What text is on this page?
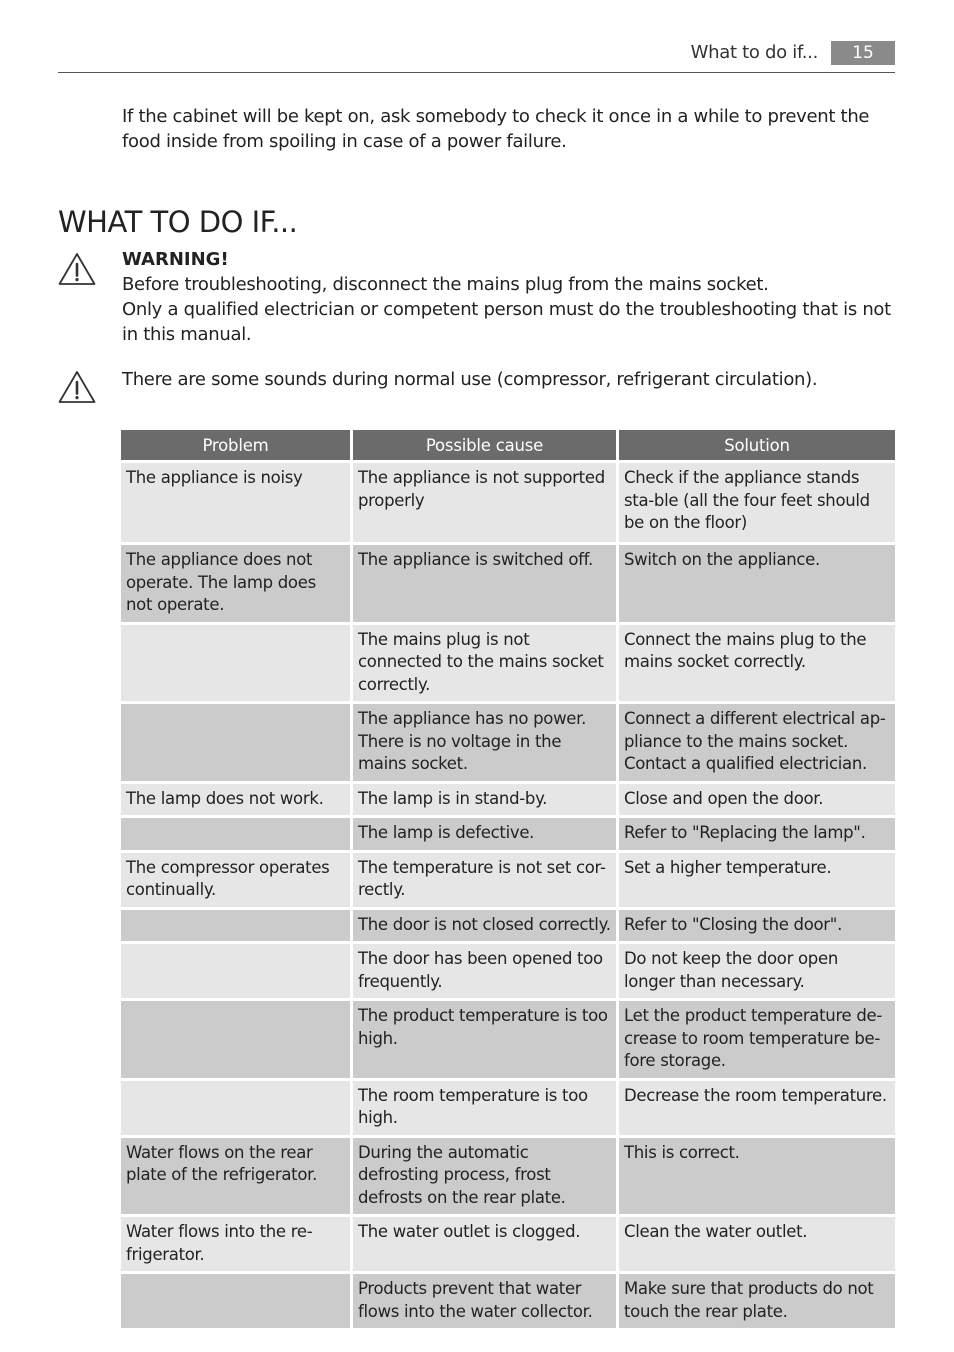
What to do if...	15
If the cabinet will be kept on, ask somebody to check it once in a while to prevent the food inside from spoiling in case of a power failure.
WHAT TO DO IF...
WARNING!
Before troubleshooting, disconnect the mains plug from the mains socket.
Only a qualified electrician or competent person must do the troubleshooting that is not in this manual.
There are some sounds during normal use (compressor, refrigerant circulation).
Problem	Possible cause	Solution
The appliance is noisy	The appliance is not supported properly	Check if the appliance stands sta-ble (all the four feet should be on the floor)
The appliance does not operate. The lamp does not operate.	The appliance is switched off.	Switch on the appliance.
	The mains plug is not connected to the mains socket correctly.	Connect the mains plug to the mains socket correctly.
	The appliance has no power. There is no voltage in the mains socket.	Connect a different electrical ap-pliance to the mains socket. Contact a qualified electrician.
The lamp does not work.	The lamp is in stand-by.	Close and open the door.
	The lamp is defective.	Refer to "Replacing the lamp".
The compressor operates continually.	The temperature is not set cor-rectly.	Set a higher temperature.
	The door is not closed correctly.	Refer to "Closing the door".
	The door has been opened too frequently.	Do not keep the door open longer than necessary.
	The product temperature is too high.	Let the product temperature de-crease to room temperature be-fore storage.
	The room temperature is too high.	Decrease the room temperature.
Water flows on the rear plate of the refrigerator.	During the automatic defrosting process, frost defrosts on the rear plate.	This is correct.
Water flows into the re-frigerator.	The water outlet is clogged.	Clean the water outlet.
	Products prevent that water flows into the water collector.	Make sure that products do not touch the rear plate.
